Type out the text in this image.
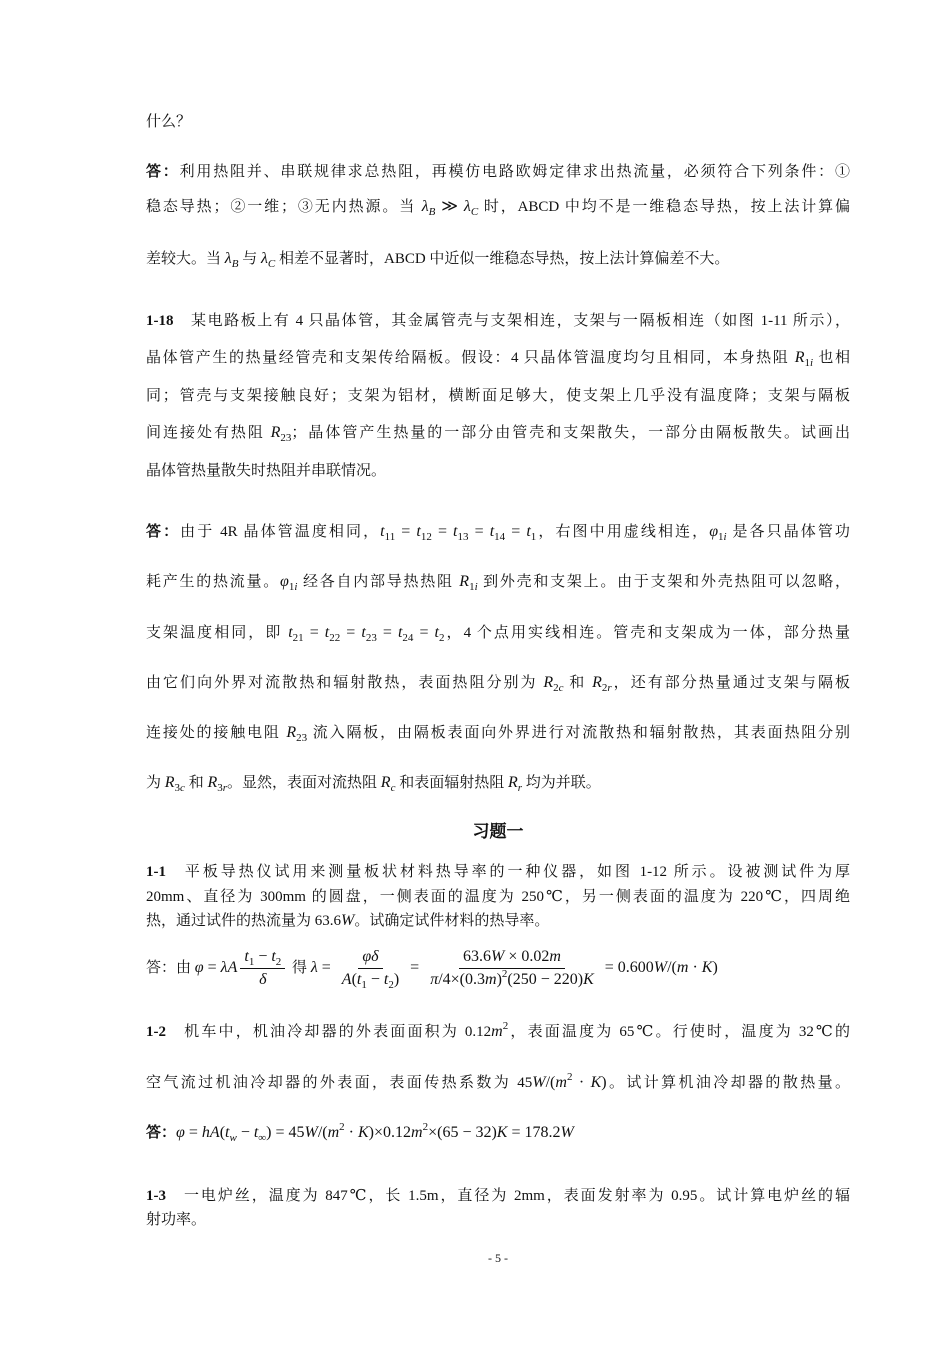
什么？
答：利用热阻并、串联规律求总热阻，再模仿电路欧姆定律求出热流量，必须符合下列条件：①
稳态导热；②一维；③无内热源。当 $\lambda_B$ ≫ $\lambda_C$ 时，ABCD 中均不是一维稳态导热，按上法计算偏
差较大。当 $\lambda_B$ 与 $\lambda_C$ 相差不显著时，ABCD 中近似一维稳态导热，按上法计算偏差不大。
1-18 某电路板上有 4 只晶体管，其金属管壳与支架相连，支架与一隔板相连（如图 1-11 所示），
晶体管产生的热量经管壳和支架传给隔板。假设：4 只晶体管温度均匀且相同，本身热阻 $R_{1i}$ 也相
同；管壳与支架接触良好；支架为铝材，横断面足够大，使支架上几乎没有温度降；支架与隔板
间连接处有热阻 $R_{23}$；晶体管产生热量的一部分由管壳和支架散失，一部分由隔板散失。试画出
晶体管热量散失时热阻并串联情况。
答：由于 4R 晶体管温度相同，$t_{11} = t_{12} = t_{13} = t_{14} = t_1$，右图中用虚线相连，$\varphi_{1i}$ 是各只晶体管功
耗产生的热流量。$\varphi_{1i}$ 经各自内部导热热阻 $R_{1i}$ 到外壳和支架上。由于支架和外壳热阻可以忽略，
支架温度相同，即 $t_{21} = t_{22} = t_{23} = t_{24} = t_2$，4 个点用实线相连。管壳和支架成为一体，部分热量
由它们向外界对流散热和辐射散热，表面热阻分别为 $R_{2c}$ 和 $R_{2r}$，还有部分热量通过支架与隔板
连接处的接触电阻 $R_{23}$ 流入隔板，由隔板表面向外界进行对流散热和辐射散热，其表面热阻分别
为 $R_{3c}$ 和 $R_{3r}$。显然，表面对流热阻 $R_c$ 和表面辐射热阻 $R_r$ 均为并联。
习题一
1-1 平板导热仪试用来测量板状材料热导率的一种仪器，如图 1-12 所示。设被测试件为厚
20mm、直径为 300mm 的圆盘，一侧表面的温度为 250℃，另一侧表面的温度为 220℃，四周绝
热，通过试件的热流量为 63.6W。试确定试件材料的热导率。
答：由 φ = λA $\frac{t_1 - t_2}{\delta}$ 得 $\lambda = \frac{\varphi\delta}{A(t_1 - t_2)} = \frac{63.6W \times 0.02m}{\pi/4\times(0.3m)^2(250 - 220)K} = 0.600W/(m \cdot K)$
1-2 机车中，机油冷却器的外表面面积为 $0.12m^2$，表面温度为 65℃。行使时，温度为 32℃的
空气流过机油冷却器的外表面，表面传热系数为 $45W/(m^2 \cdot K)$。试计算机油冷却器的散热量。
答：$\varphi = hA(t_w - t_\infty) = 45W/(m^2 \cdot K)\times 0.12m^2\times(65 - 32)K = 178.2W$
1-3 一电炉丝，温度为 847℃，长 1.5m，直径为 2mm，表面发射率为 0.95。试计算电炉丝的辐
射功率。
- 5 -
